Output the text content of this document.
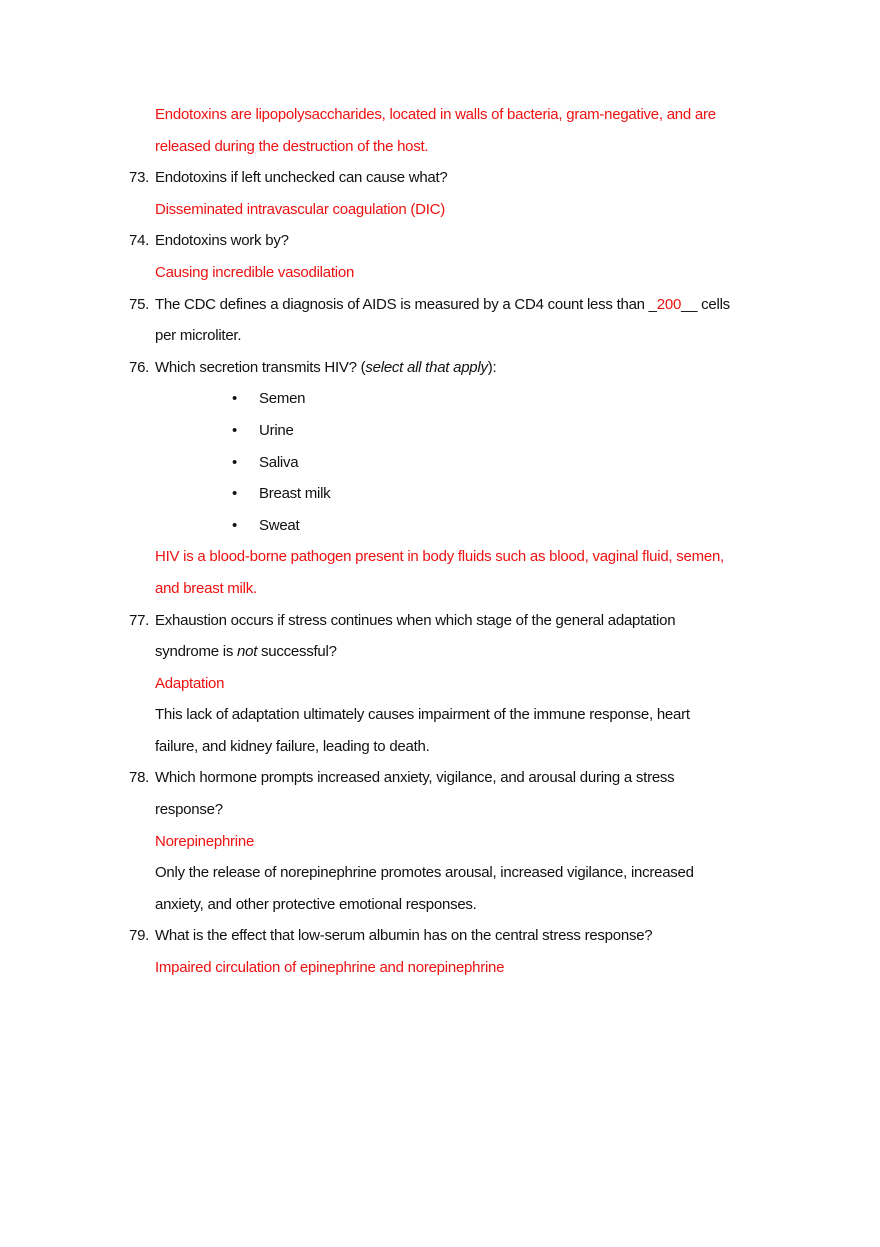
Endotoxins are lipopolysaccharides, located in walls of bacteria, gram-negative, and are
released during the destruction of the host.
73. Endotoxins if left unchecked can cause what?
Disseminated intravascular coagulation (DIC)
74. Endotoxins work by?
Causing incredible vasodilation
75. The CDC defines a diagnosis of AIDS is measured by a CD4 count less than _200__ cells
per microliter.
76. Which secretion transmits HIV? (select all that apply):
• Semen
• Urine
• Saliva
• Breast milk
• Sweat
HIV is a blood-borne pathogen present in body fluids such as blood, vaginal fluid, semen,
and breast milk.
77. Exhaustion occurs if stress continues when which stage of the general adaptation
syndrome is not successful?
Adaptation
This lack of adaptation ultimately causes impairment of the immune response, heart
failure, and kidney failure, leading to death.
78. Which hormone prompts increased anxiety, vigilance, and arousal during a stress
response?
Norepinephrine
Only the release of norepinephrine promotes arousal, increased vigilance, increased
anxiety, and other protective emotional responses.
79. What is the effect that low-serum albumin has on the central stress response?
Impaired circulation of epinephrine and norepinephrine
